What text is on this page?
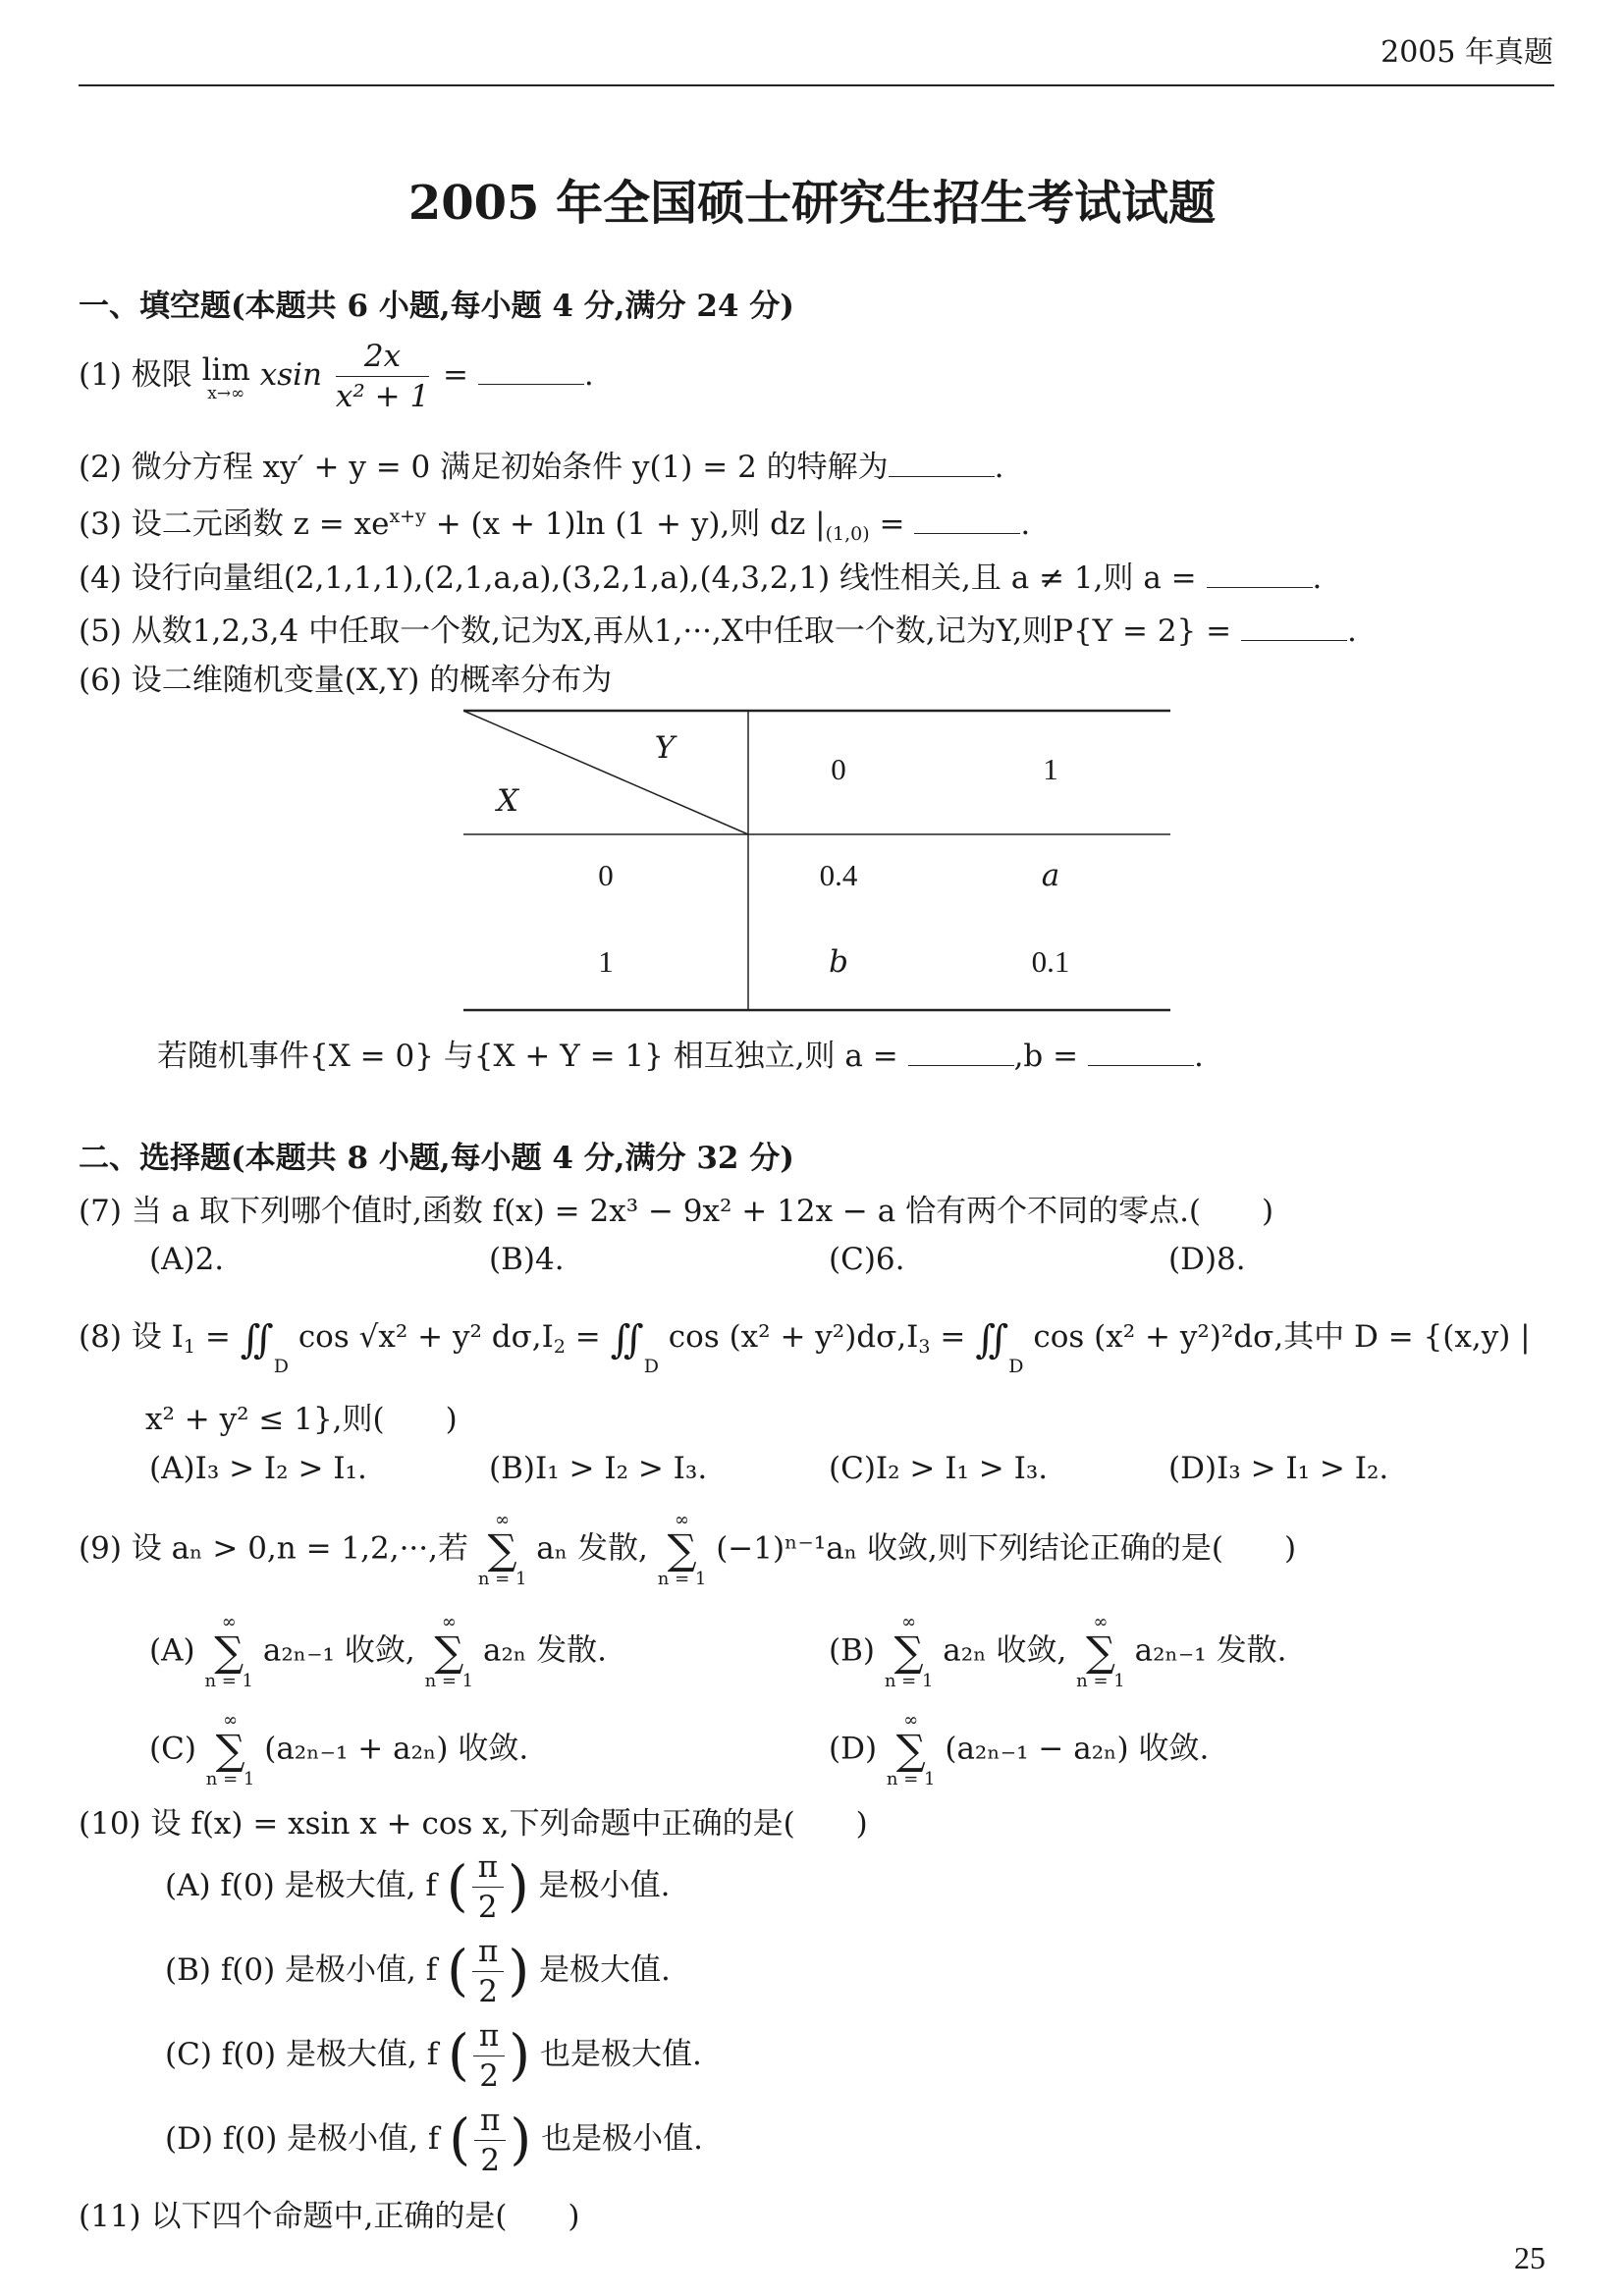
2005 年真题
2005 年全国硕士研究生招生考试试题
一、填空题(本题共 6 小题,每小题 4 分,满分 24 分)
(1) 极限 lim
x→∞
xsin $\frac{2x}{\text{x² + 1}}$ =	.
(2) 微分方程 xy′ + y = 0 满足初始条件 y(1) = 2 的特解为	.
(3) 设二元函数 $z = xe^{x+y} + (x + 1)\ln$ (1 + y),则 dz $|_{(1,0)}$ =	.
(4) 设行向量组(2,1,1,1),(2,1,a,a),(3,2,1,a),(4,3,2,1) 线性相关,且 a ≠ 1,则 a =	.
(5) 从数1,2,3,4 中任取一个数,记为X,再从1,···,X中任取一个数,记为Y,则P{Y = 2} =	.
(6) 设二维随机变量(X,Y) 的概率分布为
Y
X
0	1
0	0.4	a
1	b	0.1
若随机事件{X = 0} 与{X + Y = 1} 相互独立,则 a =	,b =	.
二、选择题(本题共 8 小题,每小题 4 分,满分 32 分)
(7) 当 a 取下列哪个值时,函数 f(x) = 2x³ − 9x² + 12x − a 恰有两个不同的零点.(　　)
(A)2.	(B)4.	(C)6.	(D)8.
(8) 设 $I_1$ = $∬_D$ cos √x² + y² $d\sigma,I_2$ = $∬_D$ $\cos (x^2 + y^2)d\sigma,I_3$ = $∬_D$ cos (x² + y²)²dσ,其中 D = {(x,y) |
x² + y² ≤ 1},则(　　)
(A)I₃ > I₂ > I₁.	(B)I₁ > I₂ > I₃.	(C)I₂ > I₁ > I₃.	(D)I₃ > I₁ > I₂.
(9) 设 aₙ > 0,n = 1,2,···,若
∞
∑
n = 1
aₙ 发散,
∞
∑
n = 1
(−1)ⁿ⁻¹aₙ 收敛,则下列结论正确的是(　　)
(A)
∞
∑
n = 1
a₂ₙ₋₁ 收敛,
∞
∑
n = 1
a₂ₙ 发散.	(B)
∞
∑
n = 1
a₂ₙ 收敛,
∞
∑
n = 1
a₂ₙ₋₁ 发散.
(C)
∞
∑
n = 1
(a₂ₙ₋₁ + a₂ₙ) 收敛.	(D)
∞
∑
n = 1
(a₂ₙ₋₁ − a₂ₙ) 收敛.
(10) 设 f(x) = xsin x + cos x,下列命题中正确的是(　　)
(A) f(0) 是极大值, f ( $\frac{\pi}{2}$ ) 是极小值.
(B) f(0) 是极小值, f ( $\frac{\pi}{2}$ ) 是极大值.
(C) f(0) 是极大值, f ( $\frac{\pi}{2}$ ) 也是极大值.
(D) f(0) 是极小值, f ( $\frac{\pi}{2}$ ) 也是极小值.
(11) 以下四个命题中,正确的是(　　)
25
